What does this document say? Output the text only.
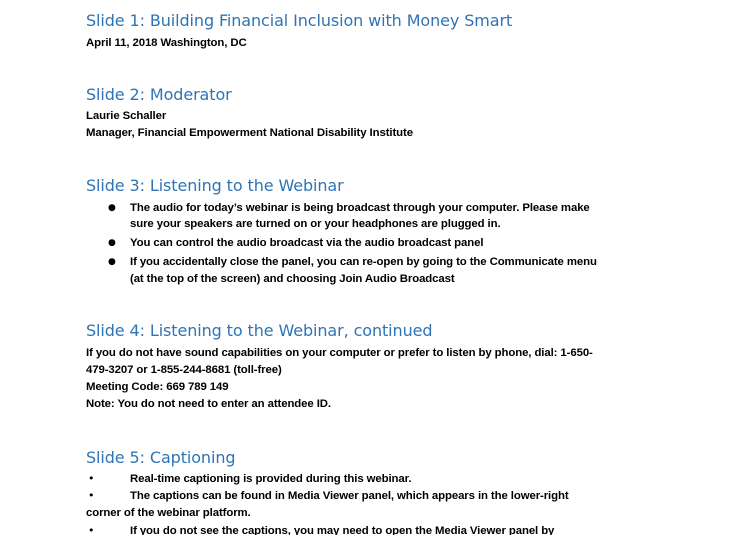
Slide 1: Building Financial Inclusion with Money Smart

April 11, 2018 Washington, DC

Slide 2: Moderator

Laurie Schaller

Manager, Financial Empowerment National Disability Institute

Slide 3: Listening to the Webinar
● The audio for today’s webinar is being broadcast through your computer. Please make

sure your speakers are turned on or your headphones are plugged in.

● You can control the audio broadcast via the audio broadcast panel

● If you accidentally close the panel, you can re-open by going to the Communicate menu

(at the top of the screen) and choosing Join Audio Broadcast

Slide 4: Listening to the Webinar, continued

If you do not have sound capabilities on your computer or prefer to listen by phone, dial: 1-650-

479-3207 or 1-855-244-8681 (toll-free)

Meeting Code: 669 789 149

Note: You do not need to enter an attendee ID.

Slide 5: Captioning
•	Real-time captioning is provided during this webinar.

•	The captions can be found in Media Viewer panel, which appears in the lower-right

corner of the webinar platform.

•	If you do not see the captions, you may need to open the Media Viewer panel by
